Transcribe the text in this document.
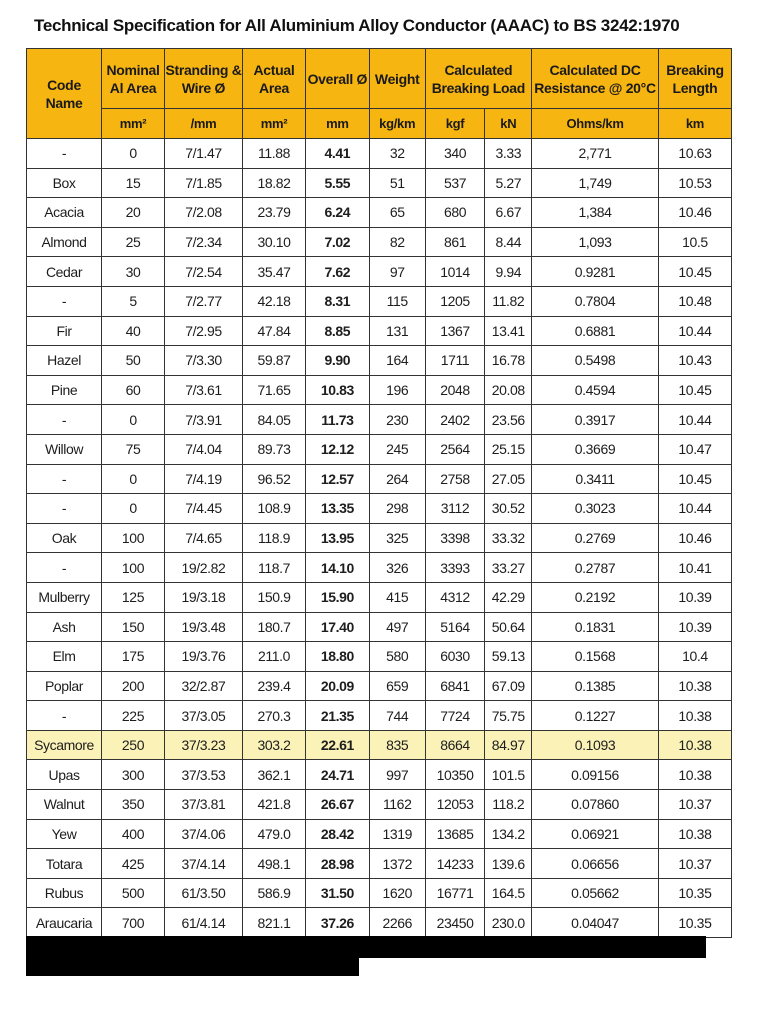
Technical Specification for All Aluminium Alloy Conductor (AAAC) to BS 3242:1970
Code Name	Nominal Al Area	Stranding & Wire Ø	Actual Area	Overall Ø	Weight	Calculated Breaking Load		Calculated DC Resistance @ 20°C	Breaking Length
	mm²	/mm	mm²	mm	kg/km	kgf	kN	Ohms/km	km
-	0	7/1.47	11.88	4.41	32	340	3.33	2,771	10.63
Box	15	7/1.85	18.82	5.55	51	537	5.27	1,749	10.53
Acacia	20	7/2.08	23.79	6.24	65	680	6.67	1,384	10.46
Almond	25	7/2.34	30.10	7.02	82	861	8.44	1,093	10.5
Cedar	30	7/2.54	35.47	7.62	97	1014	9.94	0.9281	10.45
-	5	7/2.77	42.18	8.31	115	1205	11.82	0.7804	10.48
Fir	40	7/2.95	47.84	8.85	131	1367	13.41	0.6881	10.44
Hazel	50	7/3.30	59.87	9.90	164	1711	16.78	0.5498	10.43
Pine	60	7/3.61	71.65	10.83	196	2048	20.08	0.4594	10.45
-	0	7/3.91	84.05	11.73	230	2402	23.56	0.3917	10.44
Willow	75	7/4.04	89.73	12.12	245	2564	25.15	0.3669	10.47
-	0	7/4.19	96.52	12.57	264	2758	27.05	0.3411	10.45
-	0	7/4.45	108.9	13.35	298	3112	30.52	0.3023	10.44
Oak	100	7/4.65	118.9	13.95	325	3398	33.32	0.2769	10.46
-	100	19/2.82	118.7	14.10	326	3393	33.27	0.2787	10.41
Mulberry	125	19/3.18	150.9	15.90	415	4312	42.29	0.2192	10.39
Ash	150	19/3.48	180.7	17.40	497	5164	50.64	0.1831	10.39
Elm	175	19/3.76	211.0	18.80	580	6030	59.13	0.1568	10.4
Poplar	200	32/2.87	239.4	20.09	659	6841	67.09	0.1385	10.38
-	225	37/3.05	270.3	21.35	744	7724	75.75	0.1227	10.38
Sycamore	250	37/3.23	303.2	22.61	835	8664	84.97	0.1093	10.38
Upas	300	37/3.53	362.1	24.71	997	10350	101.5	0.09156	10.38
Walnut	350	37/3.81	421.8	26.67	1162	12053	118.2	0.07860	10.37
Yew	400	37/4.06	479.0	28.42	1319	13685	134.2	0.06921	10.38
Totara	425	37/4.14	498.1	28.98	1372	14233	139.6	0.06656	10.37
Rubus	500	61/3.50	586.9	31.50	1620	16771	164.5	0.05662	10.35
Araucaria	700	61/4.14	821.1	37.26	2266	23450	230.0	0.04047	10.35
